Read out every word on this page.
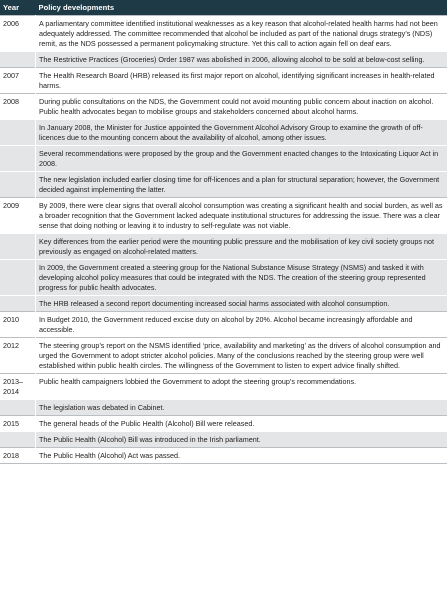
Year	Policy developments
2006	A parliamentary committee identified institutional weaknesses as a key reason that alcohol-related health harms had not been adequately addressed. The committee recommended that alcohol be included as part of the national drugs strategy’s (NDS) remit, as the NDS possessed a permanent policymaking structure. Yet this call to action again fell on deaf ears.
	The Restrictive Practices (Groceries) Order 1987 was abolished in 2006, allowing alcohol to be sold at below-cost selling.
2007	The Health Research Board (HRB) released its first major report on alcohol, identifying significant increases in health-related harms.
2008	During public consultations on the NDS, the Government could not avoid mounting public concern about inaction on alcohol. Public health advocates began to mobilise groups and stakeholders concerned about alcohol harms.
	In January 2008, the Minister for Justice appointed the Government Alcohol Advisory Group to examine the growth of off-licences due to the mounting concern about the availability of alcohol, among other issues.
	Several recommendations were proposed by the group and the Government enacted changes to the Intoxicating Liquor Act in 2008.
	The new legislation included earlier closing time for off-licences and a plan for structural separation; however, the Government decided against implementing the latter.
2009	By 2009, there were clear signs that overall alcohol consumption was creating a significant health and social burden, as well as a broader recognition that the Government lacked adequate institutional structures for addressing the issue. There was a clear sense that doing nothing or leaving it to industry to self-regulate was not viable.
	Key differences from the earlier period were the mounting public pressure and the mobilisation of key civil society groups not previously as engaged on alcohol-related matters.
	In 2009, the Government created a steering group for the National Substance Misuse Strategy (NSMS) and tasked it with developing alcohol policy measures that could be integrated with the NDS. The creation of the steering group represented progress for public health advocates.
	The HRB released a second report documenting increased social harms associated with alcohol consumption.
2010	In Budget 2010, the Government reduced excise duty on alcohol by 20%. Alcohol became increasingly affordable and accessible.
2012	The steering group’s report on the NSMS identified ‘price, availability and marketing’ as the drivers of alcohol consumption and urged the Government to adopt stricter alcohol policies. Many of the conclusions reached by the steering group were well established within public health circles. The willingness of the Government to listen to expert advice finally shifted.
2013–2014	Public health campaigners lobbied the Government to adopt the steering group’s recommendations.
	The legislation was debated in Cabinet.
2015	The general heads of the Public Health (Alcohol) Bill were released.
	The Public Health (Alcohol) Bill was introduced in the Irish parliament.
2018	The Public Health (Alcohol) Act was passed.
